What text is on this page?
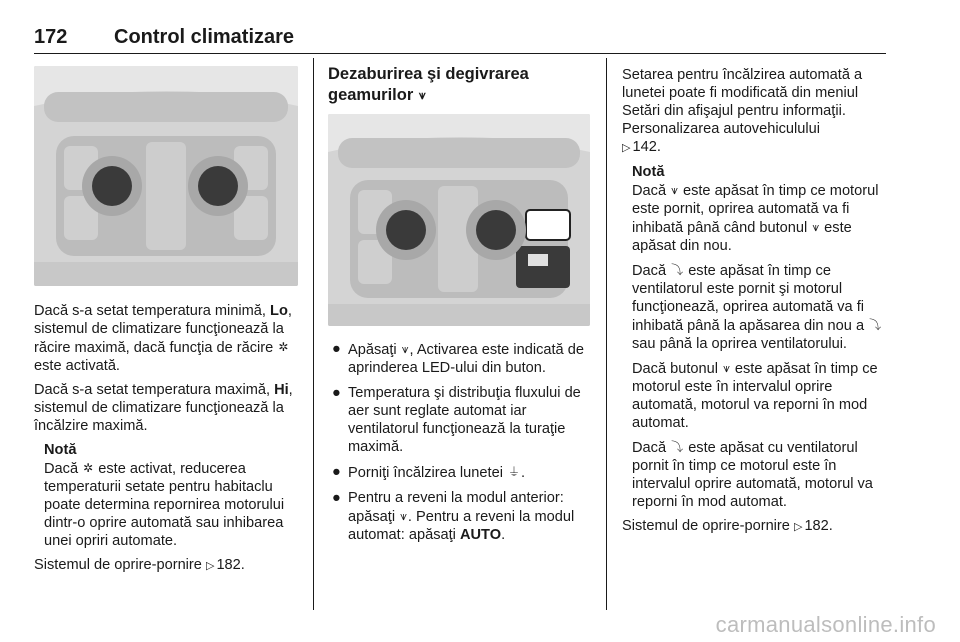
172 Control climatizare

Dacă s-a setat temperatura minimă, Lo, sistemul de climatizare funcţionează la răcire maximă, dacă funcţia de răcire ✲ este activată.

Dacă s-a setat temperatura maximă, Hi, sistemul de climatizare funcţionează la încălzire maximă.

Notă

Dacă ✲ este activat, reducerea temperaturii setate pentru habitaclu poate determina repornirea motorului dintr-o oprire automată sau inhibarea unei opriri automate.

Sistemul de oprire-pornire ▷ 182.

Dezaburirea şi degivrarea geamurilor ⩛
● Apăsaţi ⩛, Activarea este indicată de aprinderea LED-ului din buton.
● Temperatura şi distribuţia fluxului de aer sunt reglate automat iar ventilatorul funcţionează la turaţie maximă.
● Porniţi încălzirea lunetei ⏚.
● Pentru a reveni la modul anterior: apăsaţi ⩛. Pentru a reveni la modul automat: apăsaţi AUTO.

Setarea pentru încălzirea automată a lunetei poate fi modificată din meniul Setări din afişajul pentru informaţii. Personalizarea autovehiculului
▷ 142.

Notă

Dacă ⩛ este apăsat în timp ce motorul este pornit, oprirea automată va fi inhibată până când butonul ⩛ este apăsat din nou.

Dacă ⤵ este apăsat în timp ce ventilatorul este pornit şi motorul funcţionează, oprirea automată va fi inhibată până la apăsarea din nou a ⤵ sau până la oprirea ventilatorului.

Dacă butonul ⩛ este apăsat în timp ce motorul este în intervalul oprire automată, motorul va reporni în mod automat.

Dacă ⤵ este apăsat cu ventilatorul pornit în timp ce motorul este în intervalul oprire automată, motorul va reporni în mod automat.

Sistemul de oprire-pornire ▷ 182.

carmanualsonline.info
